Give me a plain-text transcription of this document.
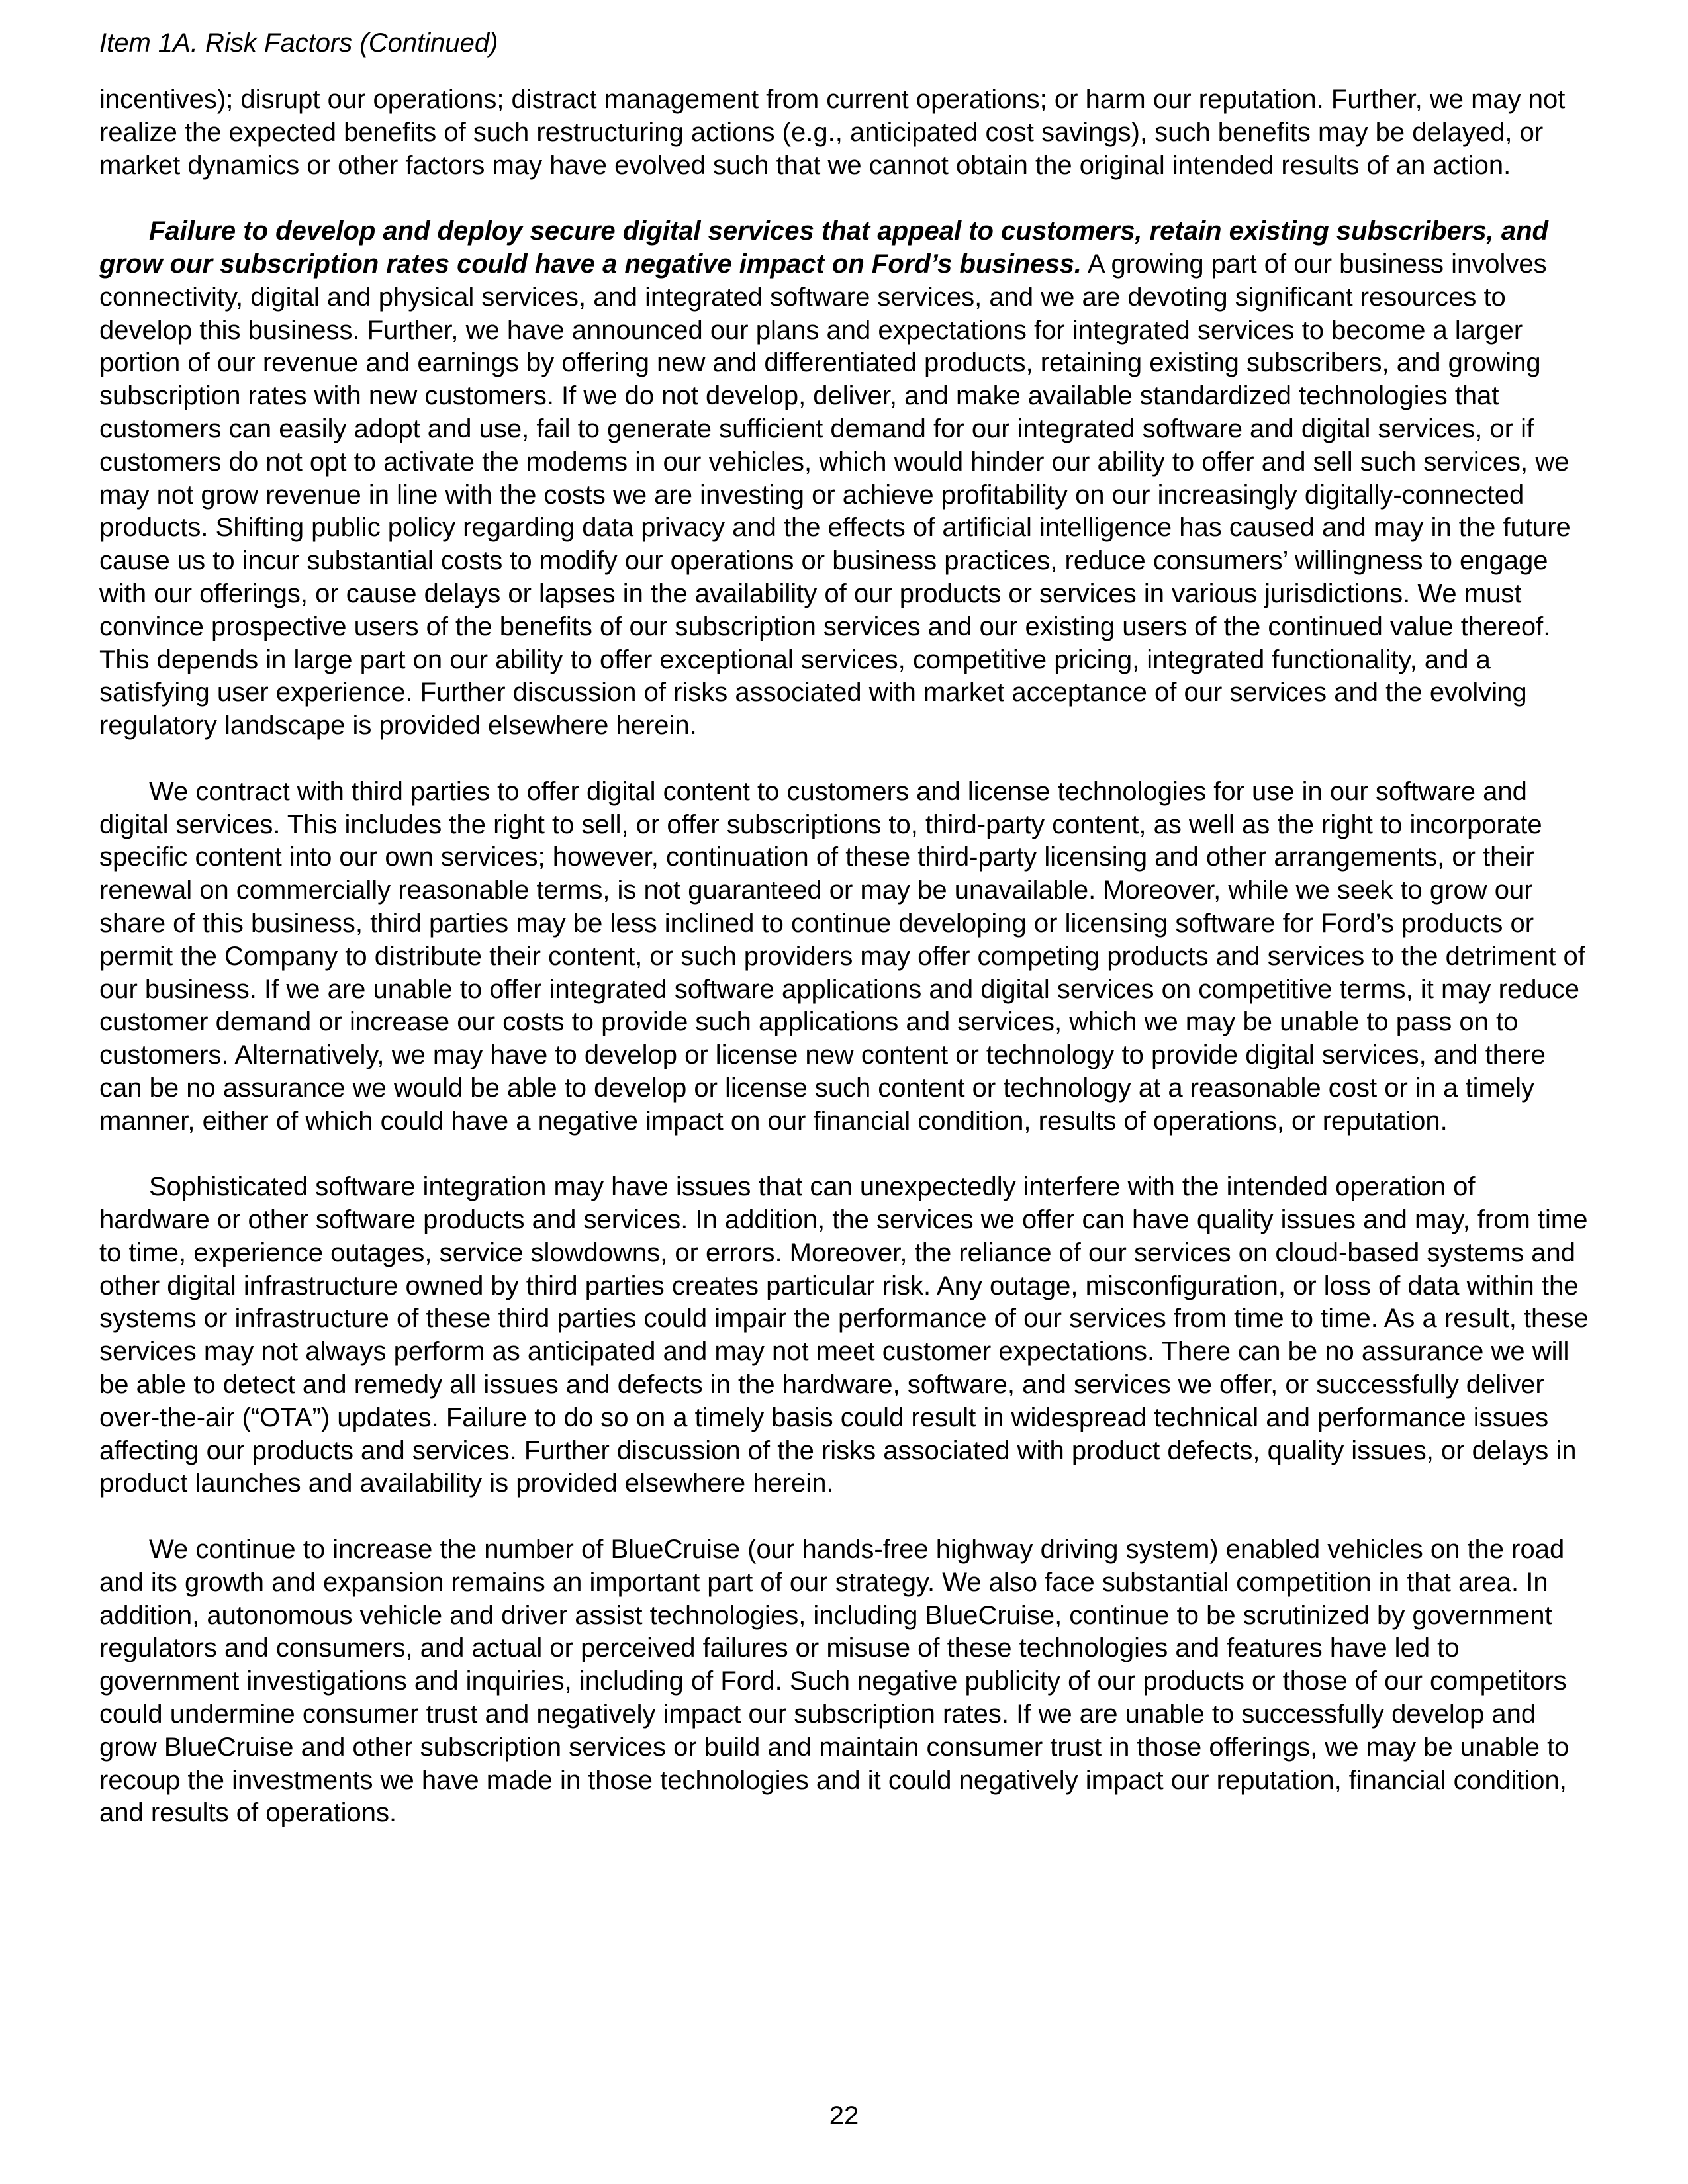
Item 1A. Risk Factors (Continued)

incentives); disrupt our operations; distract management from current operations; or harm our reputation. Further, we may not realize the expected benefits of such restructuring actions (e.g., anticipated cost savings), such benefits may be delayed, or market dynamics or other factors may have evolved such that we cannot obtain the original intended results of an action.

Failure to develop and deploy secure digital services that appeal to customers, retain existing subscribers, and grow our subscription rates could have a negative impact on Ford’s business. A growing part of our business involves connectivity, digital and physical services, and integrated software services, and we are devoting significant resources to develop this business. Further, we have announced our plans and expectations for integrated services to become a larger portion of our revenue and earnings by offering new and differentiated products, retaining existing subscribers, and growing subscription rates with new customers. If we do not develop, deliver, and make available standardized technologies that customers can easily adopt and use, fail to generate sufficient demand for our integrated software and digital services, or if customers do not opt to activate the modems in our vehicles, which would hinder our ability to offer and sell such services, we may not grow revenue in line with the costs we are investing or achieve profitability on our increasingly digitally-connected products. Shifting public policy regarding data privacy and the effects of artificial intelligence has caused and may in the future cause us to incur substantial costs to modify our operations or business practices, reduce consumers’ willingness to engage with our offerings, or cause delays or lapses in the availability of our products or services in various jurisdictions. We must convince prospective users of the benefits of our subscription services and our existing users of the continued value thereof. This depends in large part on our ability to offer exceptional services, competitive pricing, integrated functionality, and a satisfying user experience. Further discussion of risks associated with market acceptance of our services and the evolving regulatory landscape is provided elsewhere herein.

We contract with third parties to offer digital content to customers and license technologies for use in our software and digital services. This includes the right to sell, or offer subscriptions to, third-party content, as well as the right to incorporate specific content into our own services; however, continuation of these third-party licensing and other arrangements, or their renewal on commercially reasonable terms, is not guaranteed or may be unavailable. Moreover, while we seek to grow our share of this business, third parties may be less inclined to continue developing or licensing software for Ford’s products or permit the Company to distribute their content, or such providers may offer competing products and services to the detriment of our business. If we are unable to offer integrated software applications and digital services on competitive terms, it may reduce customer demand or increase our costs to provide such applications and services, which we may be unable to pass on to customers. Alternatively, we may have to develop or license new content or technology to provide digital services, and there can be no assurance we would be able to develop or license such content or technology at a reasonable cost or in a timely manner, either of which could have a negative impact on our financial condition, results of operations, or reputation.

Sophisticated software integration may have issues that can unexpectedly interfere with the intended operation of hardware or other software products and services. In addition, the services we offer can have quality issues and may, from time to time, experience outages, service slowdowns, or errors. Moreover, the reliance of our services on cloud-based systems and other digital infrastructure owned by third parties creates particular risk. Any outage, misconfiguration, or loss of data within the systems or infrastructure of these third parties could impair the performance of our services from time to time. As a result, these services may not always perform as anticipated and may not meet customer expectations. There can be no assurance we will be able to detect and remedy all issues and defects in the hardware, software, and services we offer, or successfully deliver over-the-air (“OTA”) updates. Failure to do so on a timely basis could result in widespread technical and performance issues affecting our products and services. Further discussion of the risks associated with product defects, quality issues, or delays in product launches and availability is provided elsewhere herein.

We continue to increase the number of BlueCruise (our hands-free highway driving system) enabled vehicles on the road and its growth and expansion remains an important part of our strategy. We also face substantial competition in that area. In addition, autonomous vehicle and driver assist technologies, including BlueCruise, continue to be scrutinized by government regulators and consumers, and actual or perceived failures or misuse of these technologies and features have led to government investigations and inquiries, including of Ford. Such negative publicity of our products or those of our competitors could undermine consumer trust and negatively impact our subscription rates. If we are unable to successfully develop and grow BlueCruise and other subscription services or build and maintain consumer trust in those offerings, we may be unable to recoup the investments we have made in those technologies and it could negatively impact our reputation, financial condition, and results of operations.

22
